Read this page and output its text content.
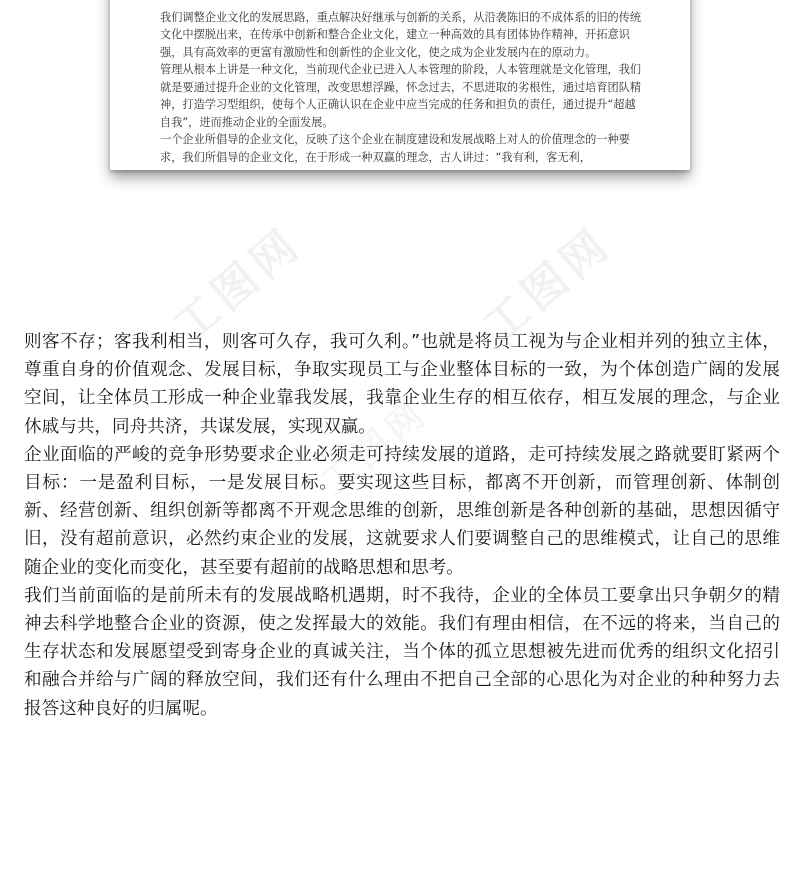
我们调整企业文化的发展思路，重点解决好继承与创新的关系，从沿袭陈旧的不成体系的旧的传统文化中摆脱出来，在传承中创新和整合企业文化，建立一种高效的具有团体协作精神，开拓意识强，具有高效率的更富有激励性和创新性的企业文化，使之成为企业发展内在的原动力。

管理从根本上讲是一种文化，当前现代企业已进入人本管理的阶段，人本管理就是文化管理，我们就是要通过提升企业的文化管理，改变思想浮躁，怀念过去，不思进取的劣根性，通过培育团队精神，打造学习型组织，使每个人正确认识在企业中应当完成的任务和担负的责任，通过提升“超越自我”，进而推动企业的全面发展。

一个企业所倡导的企业文化，反映了这个企业在制度建设和发展战略上对人的价值理念的一种要求，我们所倡导的企业文化，在于形成一种双赢的理念，古人讲过：“我有利，客无利，

工图网	工图网
工图网

则客不存；客我利相当，则客可久存，我可久利。”也就是将员工视为与企业相并列的独立主体，尊重自身的价值观念、发展目标，争取实现员工与企业整体目标的一致，为个体创造广阔的发展空间，让全体员工形成一种企业靠我发展，我靠企业生存的相互依存，相互发展的理念，与企业休戚与共，同舟共济，共谋发展，实现双赢。

企业面临的严峻的竞争形势要求企业必须走可持续发展的道路，走可持续发展之路就要盯紧两个目标：一是盈利目标，一是发展目标。要实现这些目标，都离不开创新，而管理创新、体制创新、经营创新、组织创新等都离不开观念思维的创新，思维创新是各种创新的基础，思想因循守旧，没有超前意识，必然约束企业的发展，这就要求人们要调整自己的思维模式，让自己的思维随企业的变化而变化，甚至要有超前的战略思想和思考。

我们当前面临的是前所未有的发展战略机遇期，时不我待，企业的全体员工要拿出只争朝夕的精神去科学地整合企业的资源，使之发挥最大的效能。我们有理由相信，在不远的将来，当自己的生存状态和发展愿望受到寄身企业的真诚关注，当个体的孤立思想被先进而优秀的组织文化招引和融合并给与广阔的释放空间，我们还有什么理由不把自己全部的心思化为对企业的种种努力去报答这种良好的归属呢。
